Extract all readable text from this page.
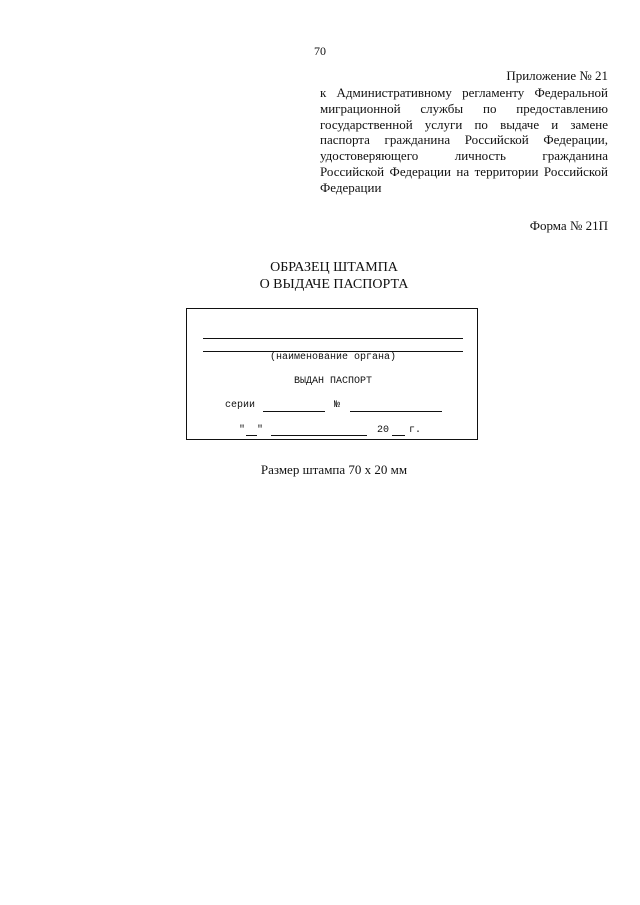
70
Приложение № 21
к Административному регламенту Федеральной миграционной службы по предоставлению государственной услуги по выдаче и замене паспорта гражданина Российской Федерации, удостоверяющего личность гражданина Российской Федерации на территории Российской Федерации
Форма № 21П
ОБРАЗЕЦ ШТАМПА
О ВЫДАЧЕ ПАСПОРТА
(наименование органа)
ВЫДАН ПАСПОРТ
серии	№
" "	20 г.
Размер штампа 70 х 20 мм
